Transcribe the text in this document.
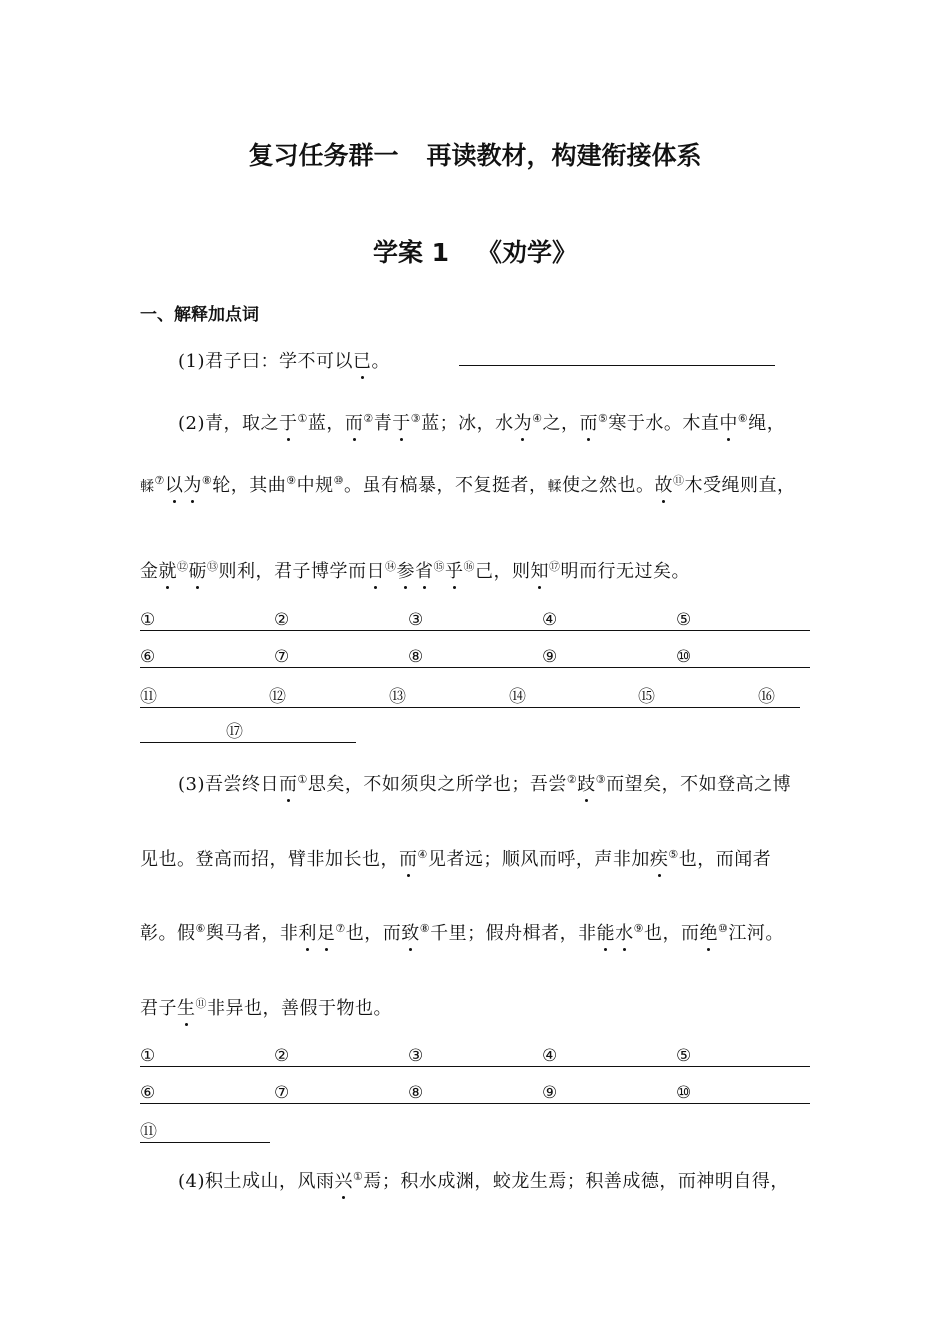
复习任务群一 再读教材，构建衔接体系
学案 1 《劝学》
一、解释加点词
(1)君子曰：学不可以已。
(2)青，取之于①蓝，而②青于③蓝；冰，水为④之，而⑤寒于水。木直中⑥绳，
輮⑦以为⑧轮，其曲⑨中规⑩。虽有槁暴，不复挺者，輮使之然也。故⑪木受绳则直，
金就⑫砺⑬则利，君子博学而日⑭参省⑮乎⑯己，则知⑰明而行无过矣。
①	②	③	④	⑤
⑥	⑦	⑧	⑨	⑩
⑪	⑫	⑬	⑭	⑮	⑯
⑰
(3)吾尝终日而①思矣，不如须臾之所学也；吾尝②跂③而望矣，不如登高之博
见也。登高而招，臂非加长也，而④见者远；顺风而呼，声非加疾⑤也，而闻者
彰。假⑥舆马者，非利足⑦也，而致⑧千里；假舟楫者，非能水⑨也，而绝⑩江河。
君子生⑪非异也，善假于物也。
①	②	③	④	⑤
⑥	⑦	⑧	⑨	⑩
⑪
(4)积土成山，风雨兴①焉；积水成渊，蛟龙生焉；积善成德，而神明自得，
